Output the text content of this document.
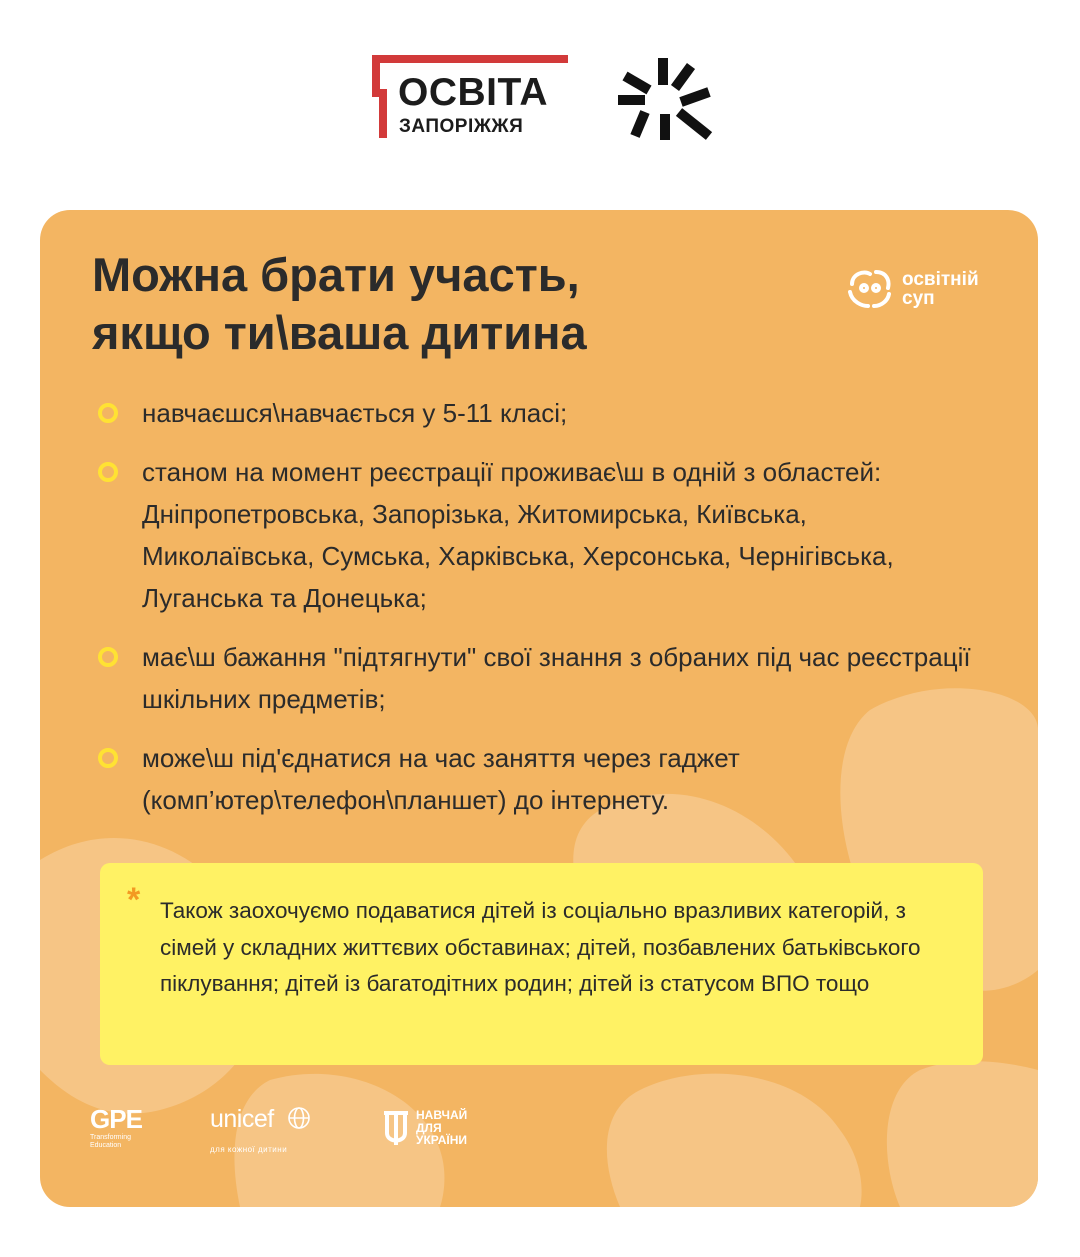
ОСВІТА
ЗАПОРІЖЖЯ
Можна брати участь,
якщо ти\ваша дитина
освітній
суп
навчаєшся\навчається у 5-11 класі;
станом на момент реєстрації проживає\ш в одній з областей: Дніпропетровська, Запорізька, Житомирська, Київська, Миколаївська, Сумська, Харківська, Херсонська, Чернігівська, Луганська та Донецька;
має\ш бажання "підтягнути" свої знання з обраних під час реєстрації шкільних предметів;
може\ш під'єднатися на час заняття через гаджет (комп’ютер\телефон\планшет) до інтернету.
* Також заохочуємо подаватися дітей із соціально вразливих категорій, з сімей у складних життєвих обставинах; дітей, позбавлених батьківського піклування; дітей із багатодітних родин; дітей із статусом ВПО тощо

GPE
Transforming
Education
unicef
для кожної дитини
НАВЧАЙ
ДЛЯ
УКРАЇНИ
